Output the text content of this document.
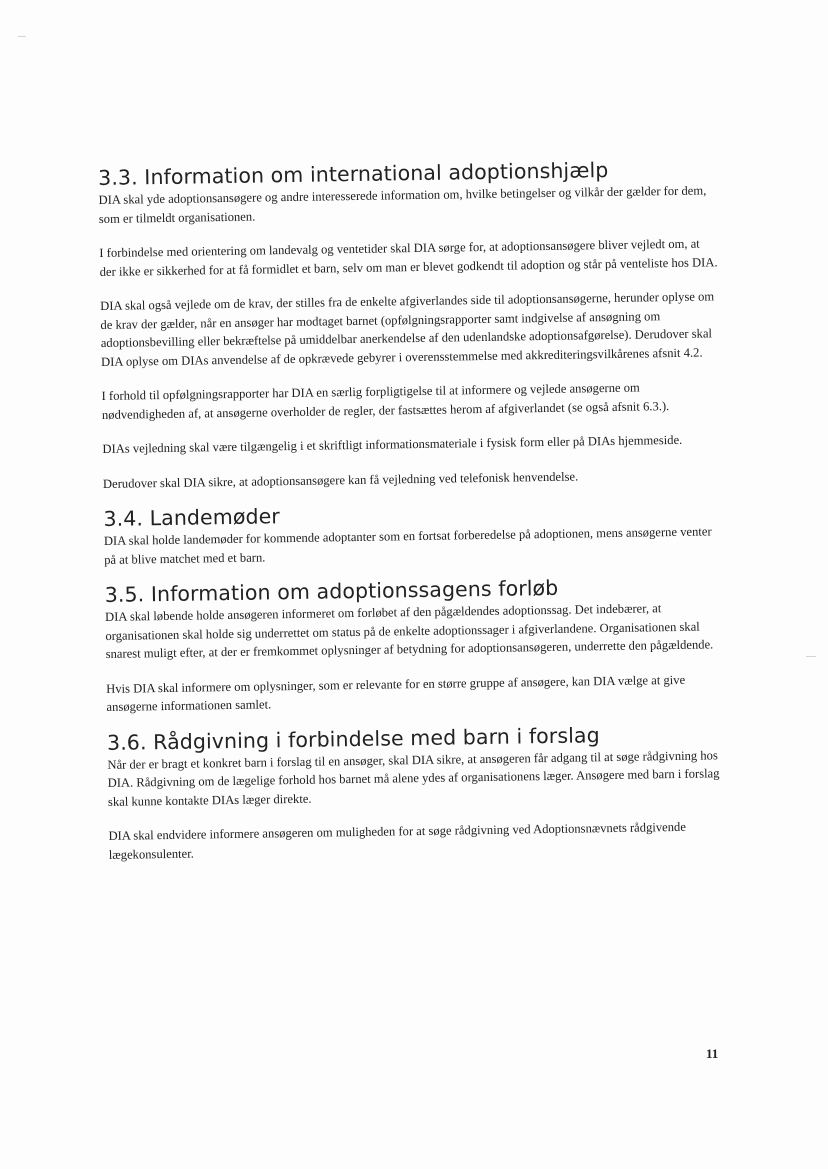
3.3. Information om international adoptionshjælp

DIA skal yde adoptionsansøgere og andre interesserede information om, hvilke betingelser og vilkår der gælder for dem, som er tilmeldt organisationen.

I forbindelse med orientering om landevalg og ventetider skal DIA sørge for, at adoptionsansøgere bliver vejledt om, at der ikke er sikkerhed for at få formidlet et barn, selv om man er blevet godkendt til adoption og står på venteliste hos DIA.

DIA skal også vejlede om de krav, der stilles fra de enkelte afgiverlandes side til adoptionsansøgerne, herunder oplyse om de krav der gælder, når en ansøger har modtaget barnet (opfølgningsrapporter samt indgivelse af ansøgning om adoptionsbevilling eller bekræftelse på umiddelbar anerkendelse af den udenlandske adoptionsafgørelse). Derudover skal DIA oplyse om DIAs anvendelse af de opkrævede gebyrer i overensstemmelse med akkrediteringsvilkårenes afsnit 4.2.

I forhold til opfølgningsrapporter har DIA en særlig forpligtigelse til at informere og vejlede ansøgerne om nødvendigheden af, at ansøgerne overholder de regler, der fastsættes herom af afgiverlandet (se også afsnit 6.3.).

DIAs vejledning skal være tilgængelig i et skriftligt informationsmateriale i fysisk form eller på DIAs hjemmeside.

Derudover skal DIA sikre, at adoptionsansøgere kan få vejledning ved telefonisk henvendelse.

3.4. Landemøder

DIA skal holde landemøder for kommende adoptanter som en fortsat forberedelse på adoptionen, mens ansøgerne venter på at blive matchet med et barn.

3.5. Information om adoptionssagens forløb

DIA skal løbende holde ansøgeren informeret om forløbet af den pågældendes adoptionssag. Det indebærer, at organisationen skal holde sig underrettet om status på de enkelte adoptionssager i afgiverlandene. Organisationen skal snarest muligt efter, at der er fremkommet oplysninger af betydning for adoptionsansøgeren, underrette den pågældende.

Hvis DIA skal informere om oplysninger, som er relevante for en større gruppe af ansøgere, kan DIA vælge at give ansøgerne informationen samlet.

3.6. Rådgivning i forbindelse med barn i forslag

Når der er bragt et konkret barn i forslag til en ansøger, skal DIA sikre, at ansøgeren får adgang til at søge rådgivning hos DIA. Rådgivning om de lægelige forhold hos barnet må alene ydes af organisationens læger. Ansøgere med barn i forslag skal kunne kontakte DIAs læger direkte.

DIA skal endvidere informere ansøgeren om muligheden for at søge rådgivning ved Adoptionsnævnets rådgivende lægekonsulenter.

11
